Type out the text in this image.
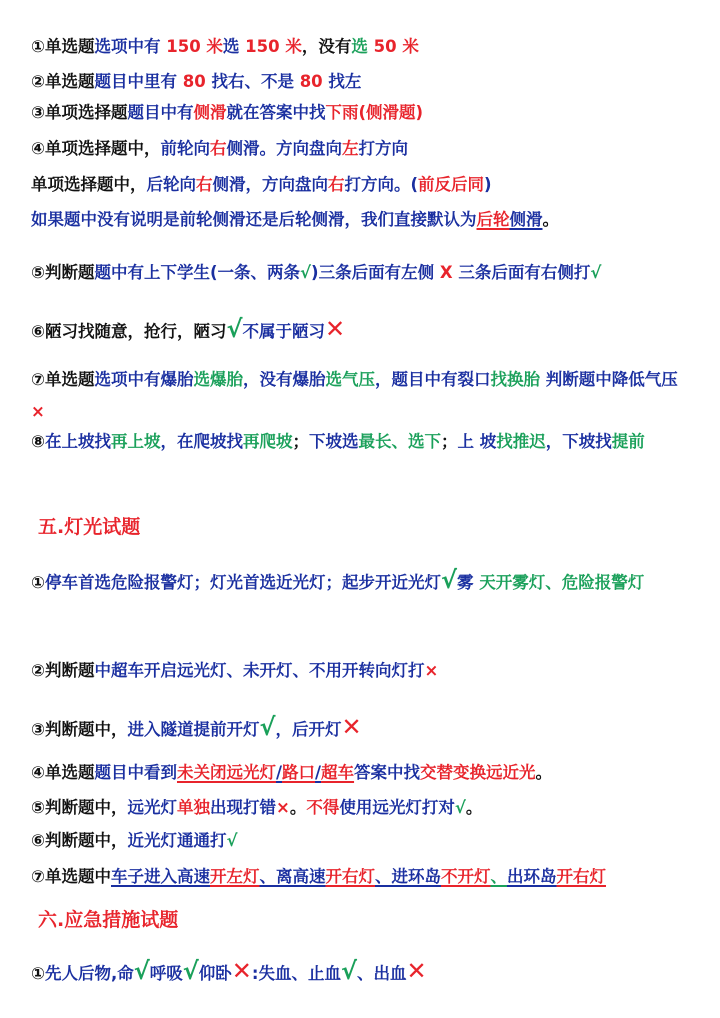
①单选题选项中有 150 米选 150 米，没有选 50 米
②单选题题目中里有 80 找右、不是 80 找左
③单项选择题题目中有侧滑就在答案中找下雨(侧滑题)
④单项选择题中，前轮向右侧滑。方向盘向左打方向
单项选择题中，后轮向右侧滑，方向盘向右打方向。(前反后同)
如果题中没有说明是前轮侧滑还是后轮侧滑，我们直接默认为后轮侧滑。
⑤判断题题中有上下学生(一条、两条√)三条后面有左侧 X 三条后面有右侧打√
⑥陋习找随意，抢行，陋习√不属于陋习✕
⑦单选题选项中有爆胎选爆胎，没有爆胎选气压，题目中有裂口找换胎 判断题中降低气压×
⑧在上坡找再上坡，在爬坡找再爬坡；下坡选最长、选下；上 坡找推迟，下坡找提前
五.灯光试题
①停车首选危险报警灯；灯光首选近光灯；起步开近光灯√雾 天开雾灯、危险报警灯
②判断题中超车开启远光灯、未开灯、不用开转向灯打×
③判断题中，进入隧道提前开灯√，后开灯✕
④单选题题目中看到未关闭远光灯/路口/超车答案中找交替变换远近光。
⑤判断题中，远光灯单独出现打错×。不得使用远光灯打对√。
⑥判断题中，近光灯通通打√
⑦单选题中车子进入高速开左灯、离高速开右灯、进环岛不开灯、出环岛开右灯
六.应急措施试题
①先人后物,命√呼吸√仰卧✕:失血、止血√、出血✕
